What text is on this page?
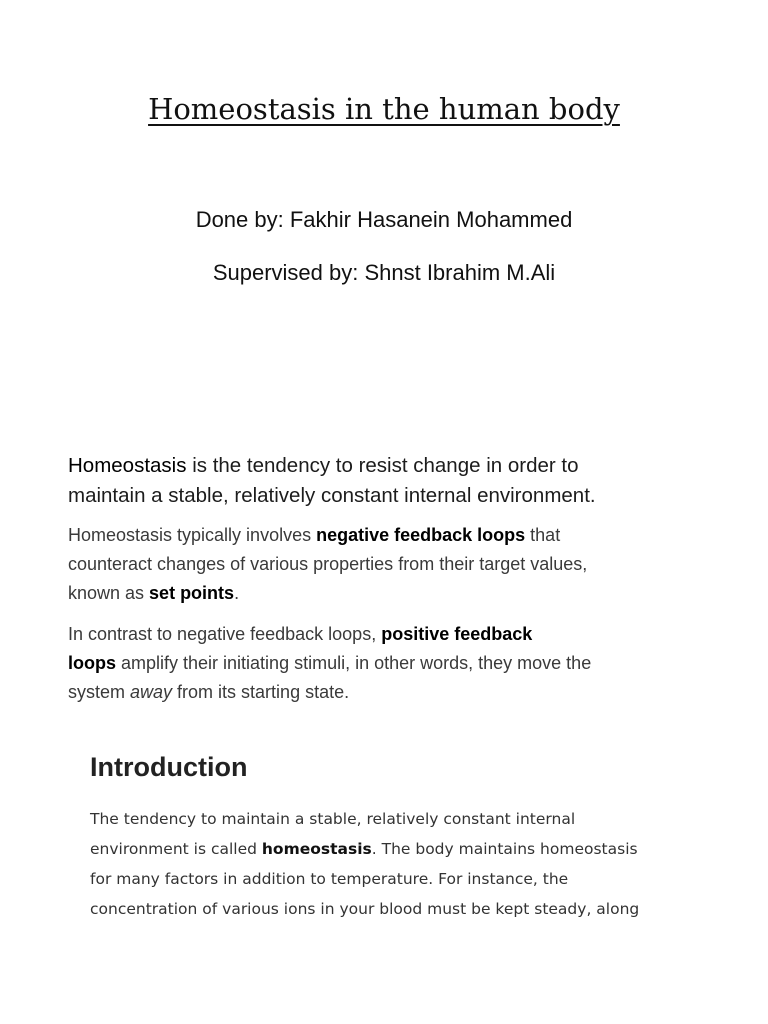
Homeostasis in the human body
Done by: Fakhir Hasanein Mohammed
Supervised by: Shnst Ibrahim M.Ali
Homeostasis is the tendency to resist change in order to
maintain a stable, relatively constant internal environment.
Homeostasis typically involves negative feedback loops that
counteract changes of various properties from their target values,
known as set points.
In contrast to negative feedback loops, positive feedback
loops amplify their initiating stimuli, in other words, they move the
system away from its starting state.
Introduction
The tendency to maintain a stable, relatively constant internal
environment is called homeostasis. The body maintains homeostasis
for many factors in addition to temperature. For instance, the
concentration of various ions in your blood must be kept steady, along
